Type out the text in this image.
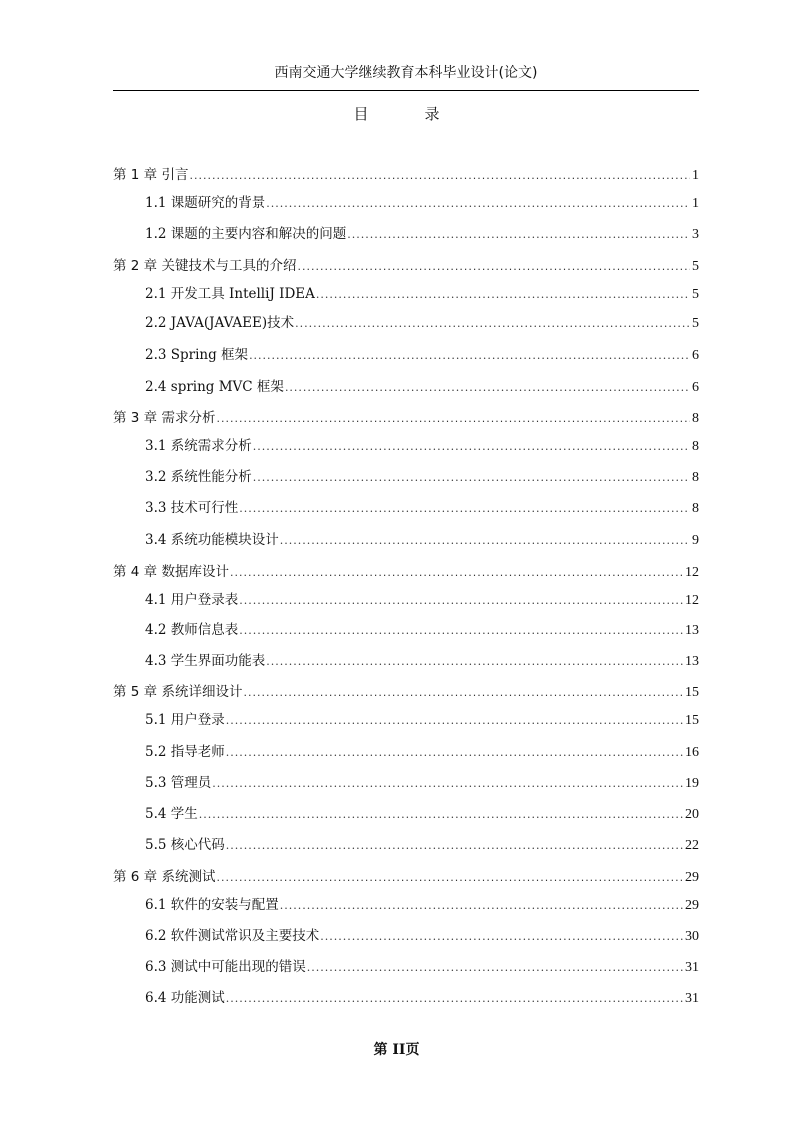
西南交通大学继续教育本科毕业设计(论文)
目录
第 1 章 引言 .....	1
1.1 课题研究的背景 .....	1
1.2 课题的主要内容和解决的问题 .....	3
第 2 章 关键技术与工具的介绍 .....	5
2.1 开发工具 IntelliJ IDEA .....	5
2.2 JAVA(JAVAEE)技术 .....	5
2.3 Spring 框架 .....	6
2.4 spring MVC 框架 .....	6
第 3 章 需求分析 .....	8
3.1 系统需求分析 .....	8
3.2 系统性能分析 .....	8
3.3 技术可行性 .....	8
3.4 系统功能模块设计 .....	9
第 4 章 数据库设计 .....	12
4.1 用户登录表 .....	12
4.2 教师信息表 .....	13
4.3 学生界面功能表 .....	13
第 5 章 系统详细设计 .....	15
5.1 用户登录 .....	15
5.2 指导老师 .....	16
5.3 管理员 .....	19
5.4 学生 .....	20
5.5 核心代码 .....	22
第 6 章 系统测试 .....	29
6.1 软件的安装与配置 .....	29
6.2 软件测试常识及主要技术 .....	30
6.3 测试中可能出现的错误 .....	31
6.4 功能测试 .....	31
第 II页
